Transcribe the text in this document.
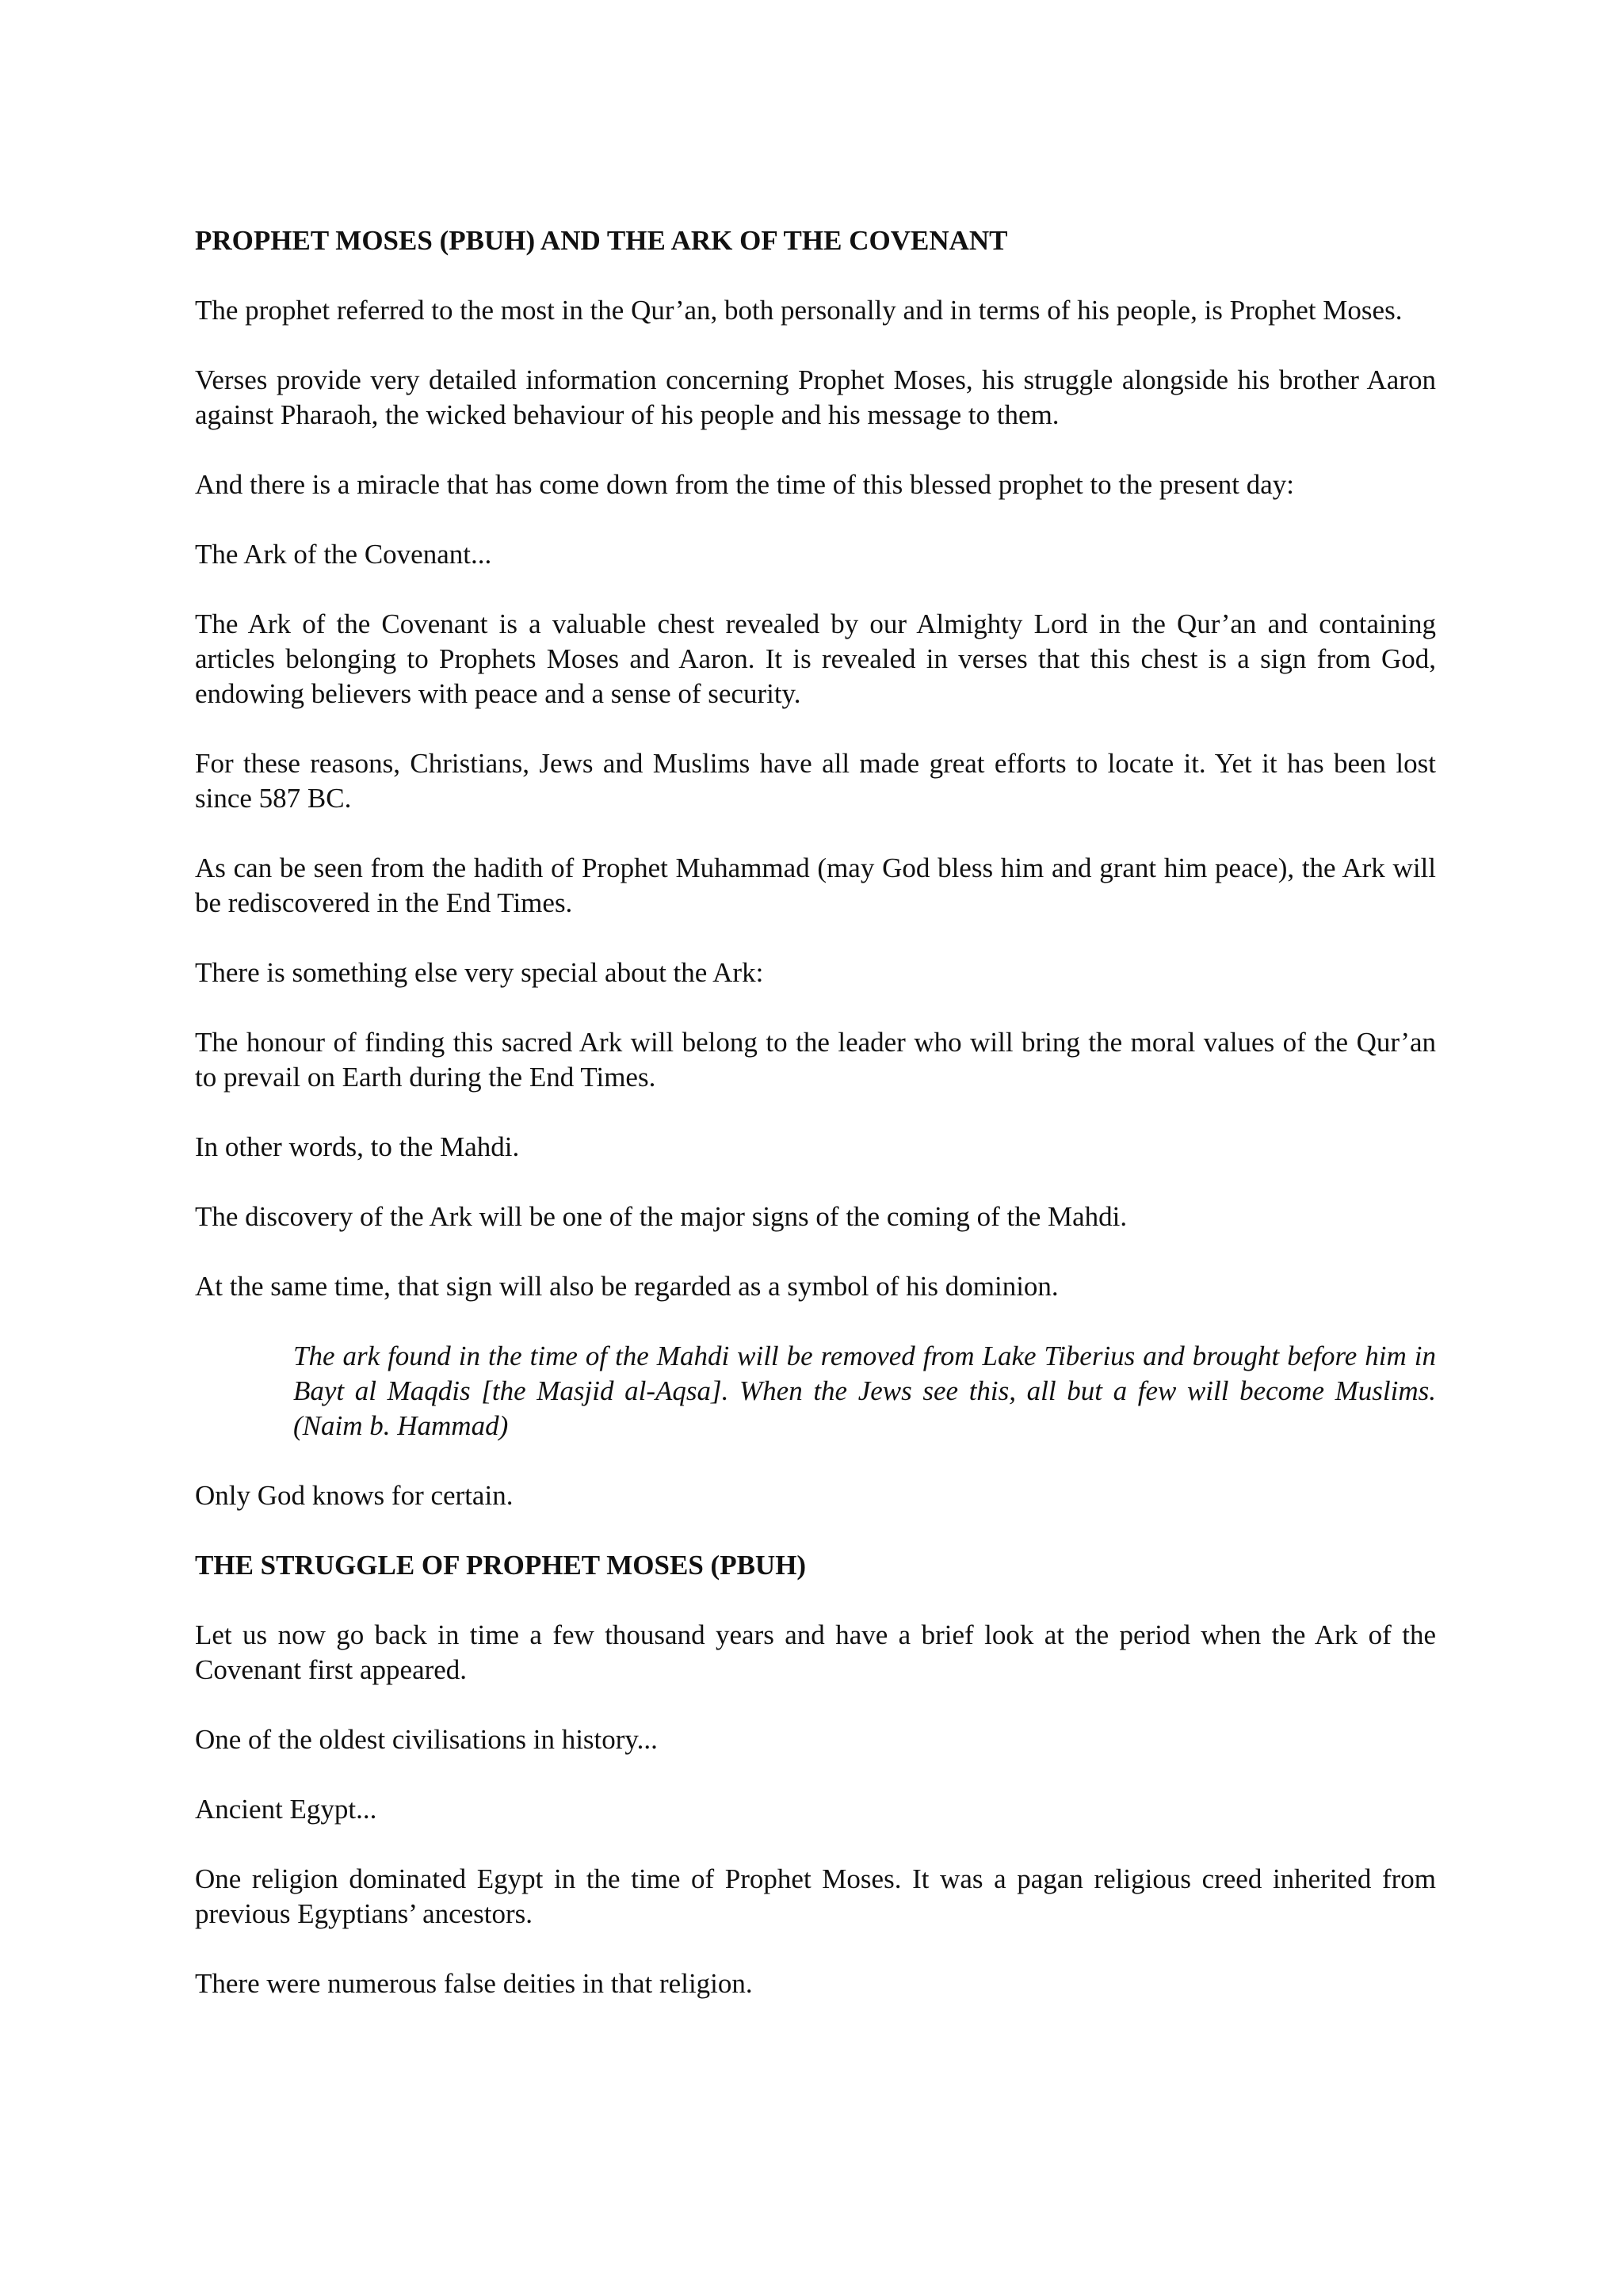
PROPHET MOSES (PBUH) AND THE ARK OF THE COVENANT

The prophet referred to the most in the Qur’an, both personally and in terms of his people, is Prophet Moses.

Verses provide very detailed information concerning Prophet Moses, his struggle alongside his brother Aaron against Pharaoh, the wicked behaviour of his people and his message to them.

And there is a miracle that has come down from the time of this blessed prophet to the present day:

The Ark of the Covenant...

The Ark of the Covenant is a valuable chest revealed by our Almighty Lord in the Qur’an and containing articles belonging to Prophets Moses and Aaron. It is revealed in verses that this chest is a sign from God, endowing believers with peace and a sense of security.

For these reasons, Christians, Jews and Muslims have all made great efforts to locate it. Yet it has been lost since 587 BC.

As can be seen from the hadith of Prophet Muhammad (may God bless him and grant him peace), the Ark will be rediscovered in the End Times.

There is something else very special about the Ark:

The honour of finding this sacred Ark will belong to the leader who will bring the moral values of the Qur’an to prevail on Earth during the End Times.

In other words, to the Mahdi.

The discovery of the Ark will be one of the major signs of the coming of the Mahdi.

At the same time, that sign will also be regarded as a symbol of his dominion.

The ark found in the time of the Mahdi will be removed from Lake Tiberius and brought before him in Bayt al Maqdis [the Masjid al-Aqsa]. When the Jews see this, all but a few will become Muslims. (Naim b. Hammad)

Only God knows for certain.

THE STRUGGLE OF PROPHET MOSES (PBUH)

Let us now go back in time a few thousand years and have a brief look at the period when the Ark of the Covenant first appeared.

One of the oldest civilisations in history...

Ancient Egypt...

One religion dominated Egypt in the time of Prophet Moses. It was a pagan religious creed inherited from previous Egyptians’ ancestors.

There were numerous false deities in that religion.
